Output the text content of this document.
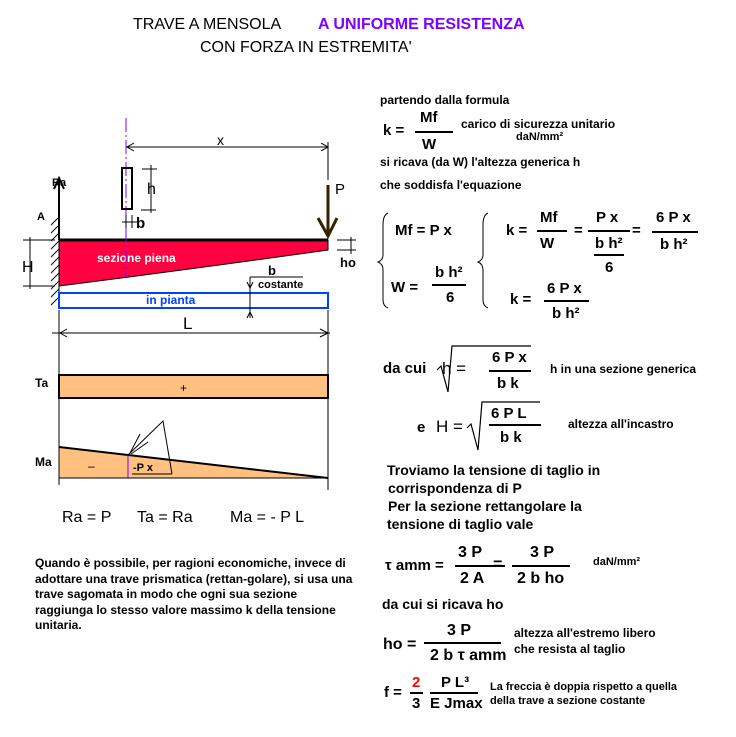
TRAVE A MENSOLA A UNIFORME RESISTENZA
CON FORZA IN ESTREMITA'
Ra
A
sezione piena
H	ho
P
h
b
x
in pianta
b
costante
L
Ta	+
Ma	–	-P x
Ra = P Ta = Ra Ma = - P L
Quando è possibile, per ragioni economiche, invece di adottare una trave prismatica (rettan-golare), si usa una trave sagomata in modo che ogni sua sezione raggiunga lo stesso valore massimo k della tensione unitaria.
partendo dalla formula
k =
Mf
W
carico di sicurezza unitario
daN/mm²
si ricava (da W) l'altezza generica h
che soddisfa l'equazione
Mf = P x
W =
b h²
6
k =
Mf
W
=
P x
b h²
6
=
6 P x
b h²
k =
6 P x
b h²
da cui h =
6 P x
b k
h in una sezione generica
e H =
6 P L
b k
altezza all'incastro
Troviamo la tensione di taglio in
corrispondenza di P
Per la sezione rettangolare la
tensione di taglio vale
τ amm =
3 P
2 A
=
3 P
2 b ho
daN/mm²
da cui si ricava ho
ho =
3 P
2 b τ amm
altezza all'estremo libero
che resista al taglio
f =
2
3
P L³
E Jmax
La freccia è doppia rispetto a quella
della trave a sezione costante
